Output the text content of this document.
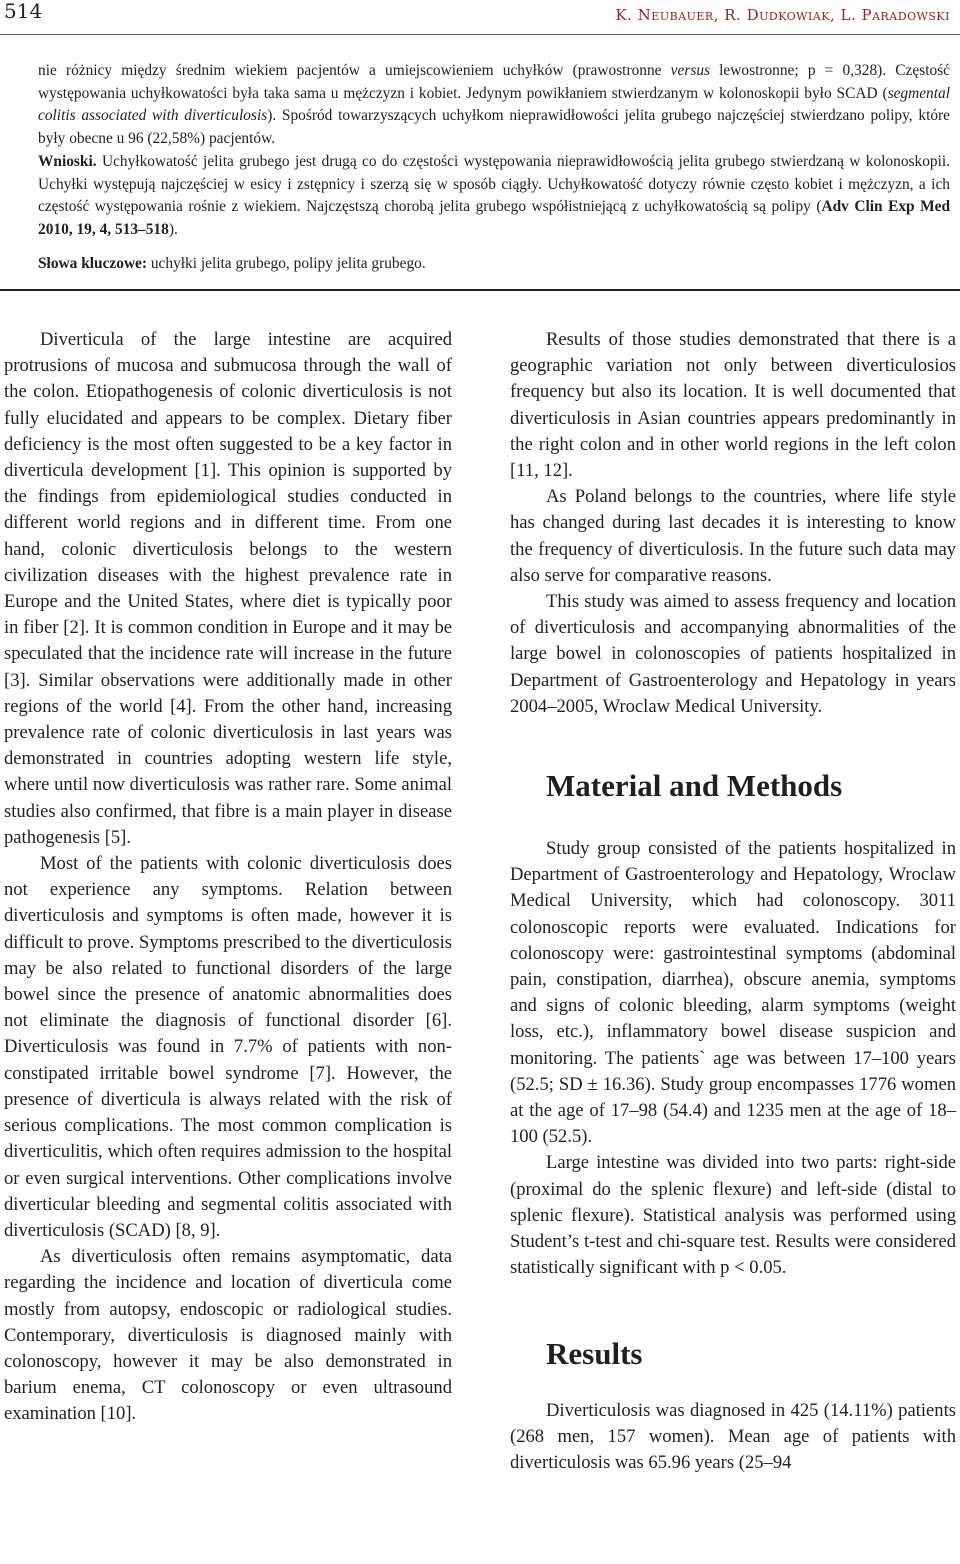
514	K. Neubauer, R. Dudkowiak, L. Paradowski

nie różnicy między średnim wiekiem pacjentów a umiejscowieniem uchyłków (prawostronne versus lewostronne; p = 0,328). Częstość występowania uchyłkowatości była taka sama u mężczyzn i kobiet. Jedynym powikłaniem stwierdzanym w kolonoskopii było SCAD (segmental colitis associated with diverticulosis). Spośród towarzyszących uchyłkom nieprawidłowości jelita grubego najczęściej stwierdzano polipy, które były obecne u 96 (22,58%) pacjentów.

Wnioski. Uchyłkowatość jelita grubego jest drugą co do częstości występowania nieprawidłowością jelita grubego stwierdzaną w kolonoskopii. Uchyłki występują najczęściej w esicy i zstępnicy i szerzą się w sposób ciągły. Uchyłkowatość dotyczy równie często kobiet i mężczyzn, a ich częstość występowania rośnie z wiekiem. Najczęstszą chorobą jelita grubego współistniejącą z uchyłkowatością są polipy (Adv Clin Exp Med 2010, 19, 4, 513–518).

Słowa kluczowe: uchyłki jelita grubego, polipy jelita grubego.

Diverticula of the large intestine are acquired protrusions of mucosa and submucosa through the wall of the colon. Etiopathogenesis of colonic diverticulosis is not fully elucidated and appears to be complex. Dietary fiber deficiency is the most often suggested to be a key factor in diverticula development [1]. This opinion is supported by the findings from epidemiological studies conducted in different world regions and in different time. From one hand, colonic diverticulosis belongs to the western civilization diseases with the highest prevalence rate in Europe and the United States, where diet is typically poor in fiber [2]. It is common condition in Europe and it may be speculated that the incidence rate will increase in the future [3]. Similar observations were additionally made in other regions of the world [4]. From the other hand, increasing prevalence rate of colonic diverticulosis in last years was demonstrated in countries adopting western life style, where until now diverticulosis was rather rare. Some animal studies also confirmed, that fibre is a main player in disease pathogenesis [5].

Most of the patients with colonic diverticulosis does not experience any symptoms. Relation between diverticulosis and symptoms is often made, however it is difficult to prove. Symptoms prescribed to the diverticulosis may be also related to functional disorders of the large bowel since the presence of anatomic abnormalities does not eliminate the diagnosis of functional disorder [6]. Diverticulosis was found in 7.7% of patients with non-constipated irritable bowel syndrome [7]. However, the presence of diverticula is always related with the risk of serious complications. The most common complication is diverticulitis, which often requires admission to the hospital or even surgical interventions. Other complications involve diverticular bleeding and segmental colitis associated with diverticulosis (SCAD) [8, 9].

As diverticulosis often remains asymptomatic, data regarding the incidence and location of diverticula come mostly from autopsy, endoscopic or radiological studies. Contemporary, diverticulosis is diagnosed mainly with colonoscopy, however it may be also demonstrated in barium enema, CT colonoscopy or even ultrasound examination [10].

Results of those studies demonstrated that there is a geographic variation not only between diverticulosios frequency but also its location. It is well documented that diverticulosis in Asian countries appears predominantly in the right colon and in other world regions in the left colon [11, 12].

As Poland belongs to the countries, where life style has changed during last decades it is interesting to know the frequency of diverticulosis. In the future such data may also serve for comparative reasons.

This study was aimed to assess frequency and location of diverticulosis and accompanying abnormalities of the large bowel in colonoscopies of patients hospitalized in Department of Gastroenterology and Hepatology in years 2004–2005, Wroclaw Medical University.

Material and Methods

Study group consisted of the patients hospitalized in Department of Gastroenterology and Hepatology, Wroclaw Medical University, which had colonoscopy. 3011 colonoscopic reports were evaluated. Indications for colonoscopy were: gastrointestinal symptoms (abdominal pain, constipation, diarrhea), obscure anemia, symptoms and signs of colonic bleeding, alarm symptoms (weight loss, etc.), inflammatory bowel disease suspicion and monitoring. The patients` age was between 17–100 years (52.5; SD ± 16.36). Study group encompasses 1776 women at the age of 17–98 (54.4) and 1235 men at the age of 18–100 (52.5).

Large intestine was divided into two parts: right-side (proximal do the splenic flexure) and left-side (distal to splenic flexure). Statistical analysis was performed using Student’s t-test and chi-square test. Results were considered statistically significant with p < 0.05.

Results

Diverticulosis was diagnosed in 425 (14.11%) patients (268 men, 157 women). Mean age of patients with diverticulosis was 65.96 years (25–94
